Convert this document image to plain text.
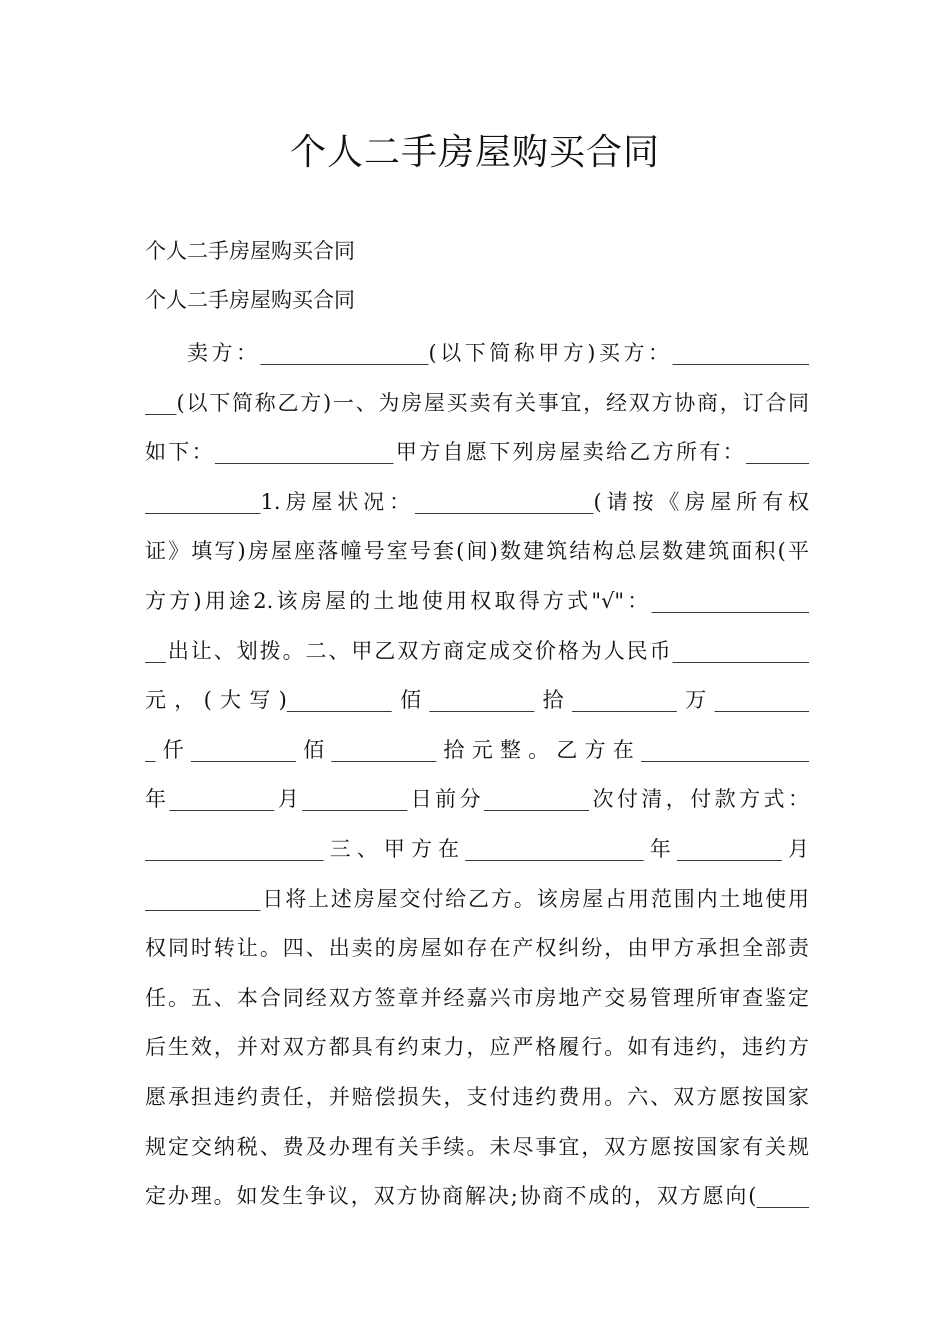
个人二手房屋购买合同

个人二手房屋购买合同

个人二手房屋购买合同

卖方：________________(以下简称甲方)买方：_____________
___(以下简称乙方)一、为房屋买卖有关事宜，经双方协商，订合同
如下：_________________甲方自愿下列房屋卖给乙方所有：______
___________1.房屋状况：_________________(请按《房屋所有权
证》填写)房屋座落幢号室号套(间)数建筑结构总层数建筑面积(平
方方)用途2.该房屋的土地使用权取得方式"√"：_______________
__出让、划拨。二、甲乙双方商定成交价格为人民币_____________
元，(大写)__________佰__________拾__________万_________
_仟__________佰__________拾元整。乙方在________________
年__________月__________日前分__________次付清，付款方式：
_________________三、甲方在_________________年__________月
___________日将上述房屋交付给乙方。该房屋占用范围内土地使用
权同时转让。四、出卖的房屋如存在产权纠纷，由甲方承担全部责
任。五、本合同经双方签章并经嘉兴市房地产交易管理所审查鉴定
后生效，并对双方都具有约束力，应严格履行。如有违约，违约方
愿承担违约责任，并赔偿损失，支付违约费用。六、双方愿按国家
规定交纳税、费及办理有关手续。未尽事宜，双方愿按国家有关规
定办理。如发生争议，双方协商解决;协商不成的，双方愿向(_____
